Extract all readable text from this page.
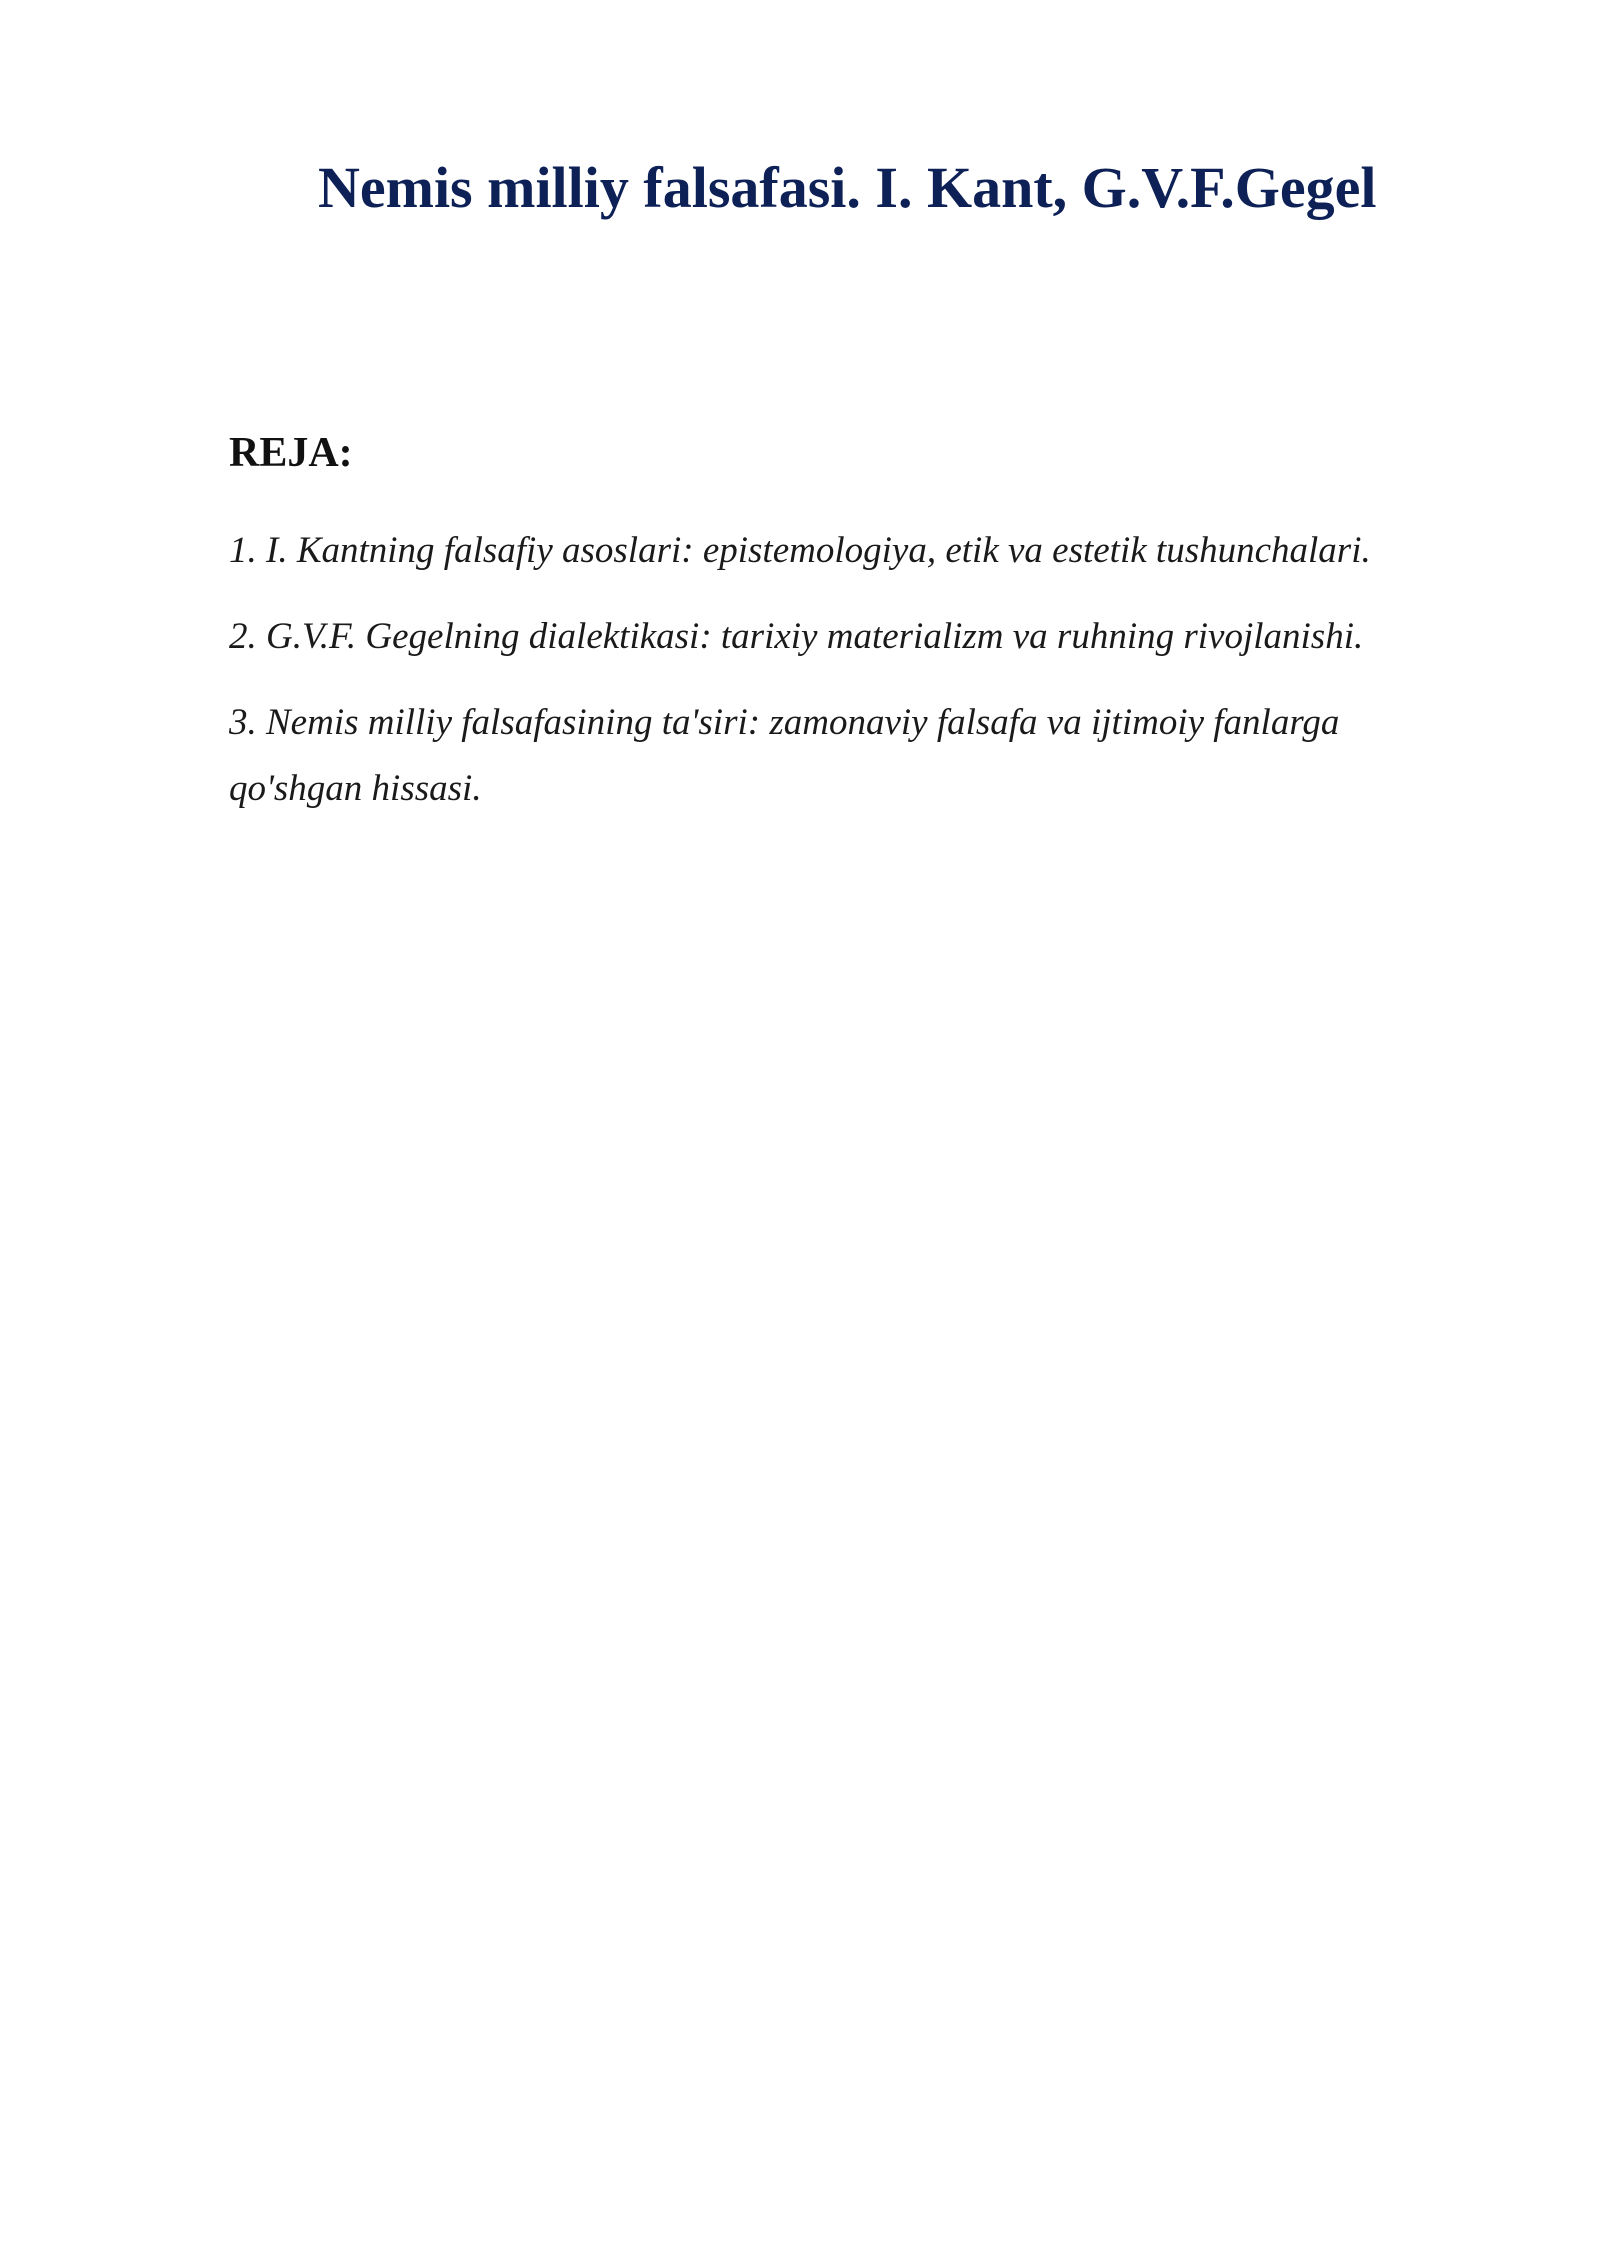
Nemis milliy falsafasi. I. Kant, G.V.F.Gegel
REJA:
1. I. Kantning falsafiy asoslari: epistemologiya, etik va estetik tushunchalari.
2. G.V.F. Gegelning dialektikasi: tarixiy materializm va ruhning rivojlanishi.
3. Nemis milliy falsafasining ta'siri: zamonaviy falsafa va ijtimoiy fanlarga qo'shgan hissasi.
